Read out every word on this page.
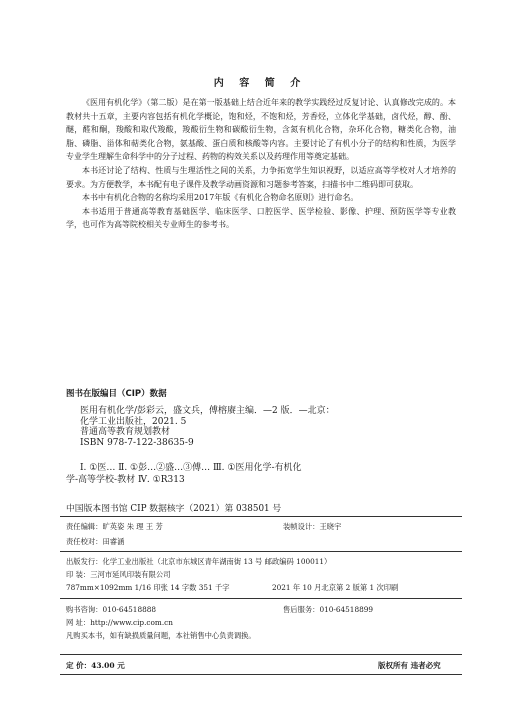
内 容 简 介

《医用有机化学》（第二版）是在第一版基础上结合近年来的教学实践经过反复讨论、认真修改完成的。本教材共十五章，主要内容包括有机化学概论，饱和烃，不饱和烃，芳香烃，立体化学基础，卤代烃，醇、酚、醚，醛和酮，羧酸和取代羧酸，羧酸衍生物和碳酸衍生物，含氮有机化合物，杂环化合物，糖类化合物，油脂、磷脂、甾体和萜类化合物，氨基酸、蛋白质和核酸等内容。主要讨论了有机小分子的结构和性质，为医学专业学生理解生命科学中的分子过程、药物的构效关系以及药理作用等奠定基础。

本书还讨论了结构、性质与生理活性之间的关系，力争拓宽学生知识视野，以适应高等学校对人才培养的要求。为方便教学，本书配有电子课件及教学动画资源和习题参考答案，扫描书中二维码即可获取。

本书中有机化合物的名称均采用2017年版《有机化合物命名原则》进行命名。

本书适用于普通高等教育基础医学、临床医学、口腔医学、医学检验、影像、护理、预防医学等专业教学，也可作为高等院校相关专业师生的参考书。

图书在版编目（CIP）数据
医用有机化学/彭彩云，盛文兵，傅榕赓主编．—2 版．—北京：
化学工业出版社，2021. 5
普通高等教育规划教材
ISBN 978-7-122-38635-9
Ⅰ. ①医… Ⅱ. ①彭…②盛…③傅… Ⅲ. ①医用化学-有机化
学-高等学校-教材 Ⅳ. ①R313
中国版本图书馆 CIP 数据核字（2021）第 038501 号
责任编辑：旷英姿 朱 理 王 芳	装帧设计：王晓宇
责任校对：田睿涵
出版发行：化学工业出版社（北京市东城区青年湖南街 13 号 邮政编码 100011）
印 装：三河市延风印装有限公司
787mm×1092mm 1/16 印张 14 字数 351 千字	2021 年 10 月北京第 2 版第 1 次印刷
购书咨询：010-64518888	售后服务：010-64518899
网 址：http://www.cip.com.cn
凡购买本书，如有缺损质量问题，本社销售中心负责调换。
定 价：43.00 元	版权所有 违者必究
